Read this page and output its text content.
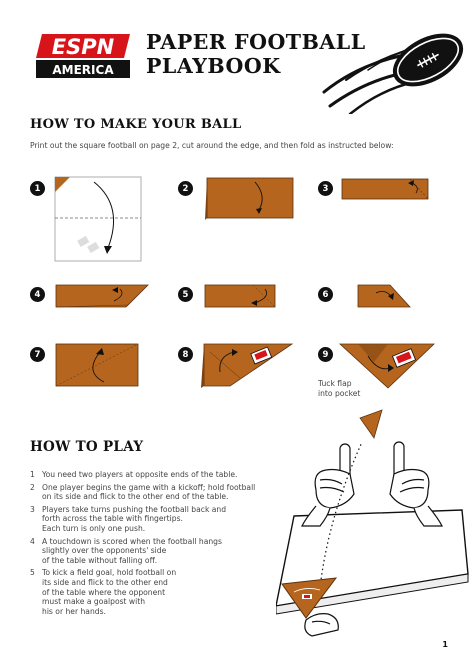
ESPN
AMERICA
PAPER FOOTBALL
PLAYBOOK
HOW TO MAKE YOUR BALL
Print out the square football on page 2, cut around the edge, and then fold as instructed below:
1	2	3
4	5	6
7	8	9
Tuck flap
into pocket
HOW TO PLAY
1 You need two players at opposite ends of the table.
2 One player begins the game with a kickoff; hold football
on its side and flick to the other end of the table.
3 Players take turns pushing the football back and
forth across the table with fingertips.
Each turn is only one push.
4 A touchdown is scored when the football hangs
slightly over the opponents' side
of the table without falling off.
5 To kick a field goal, hold football on
its side and flick to the other end
of the table where the opponent
must make a goalpost with
his or her hands.
1
